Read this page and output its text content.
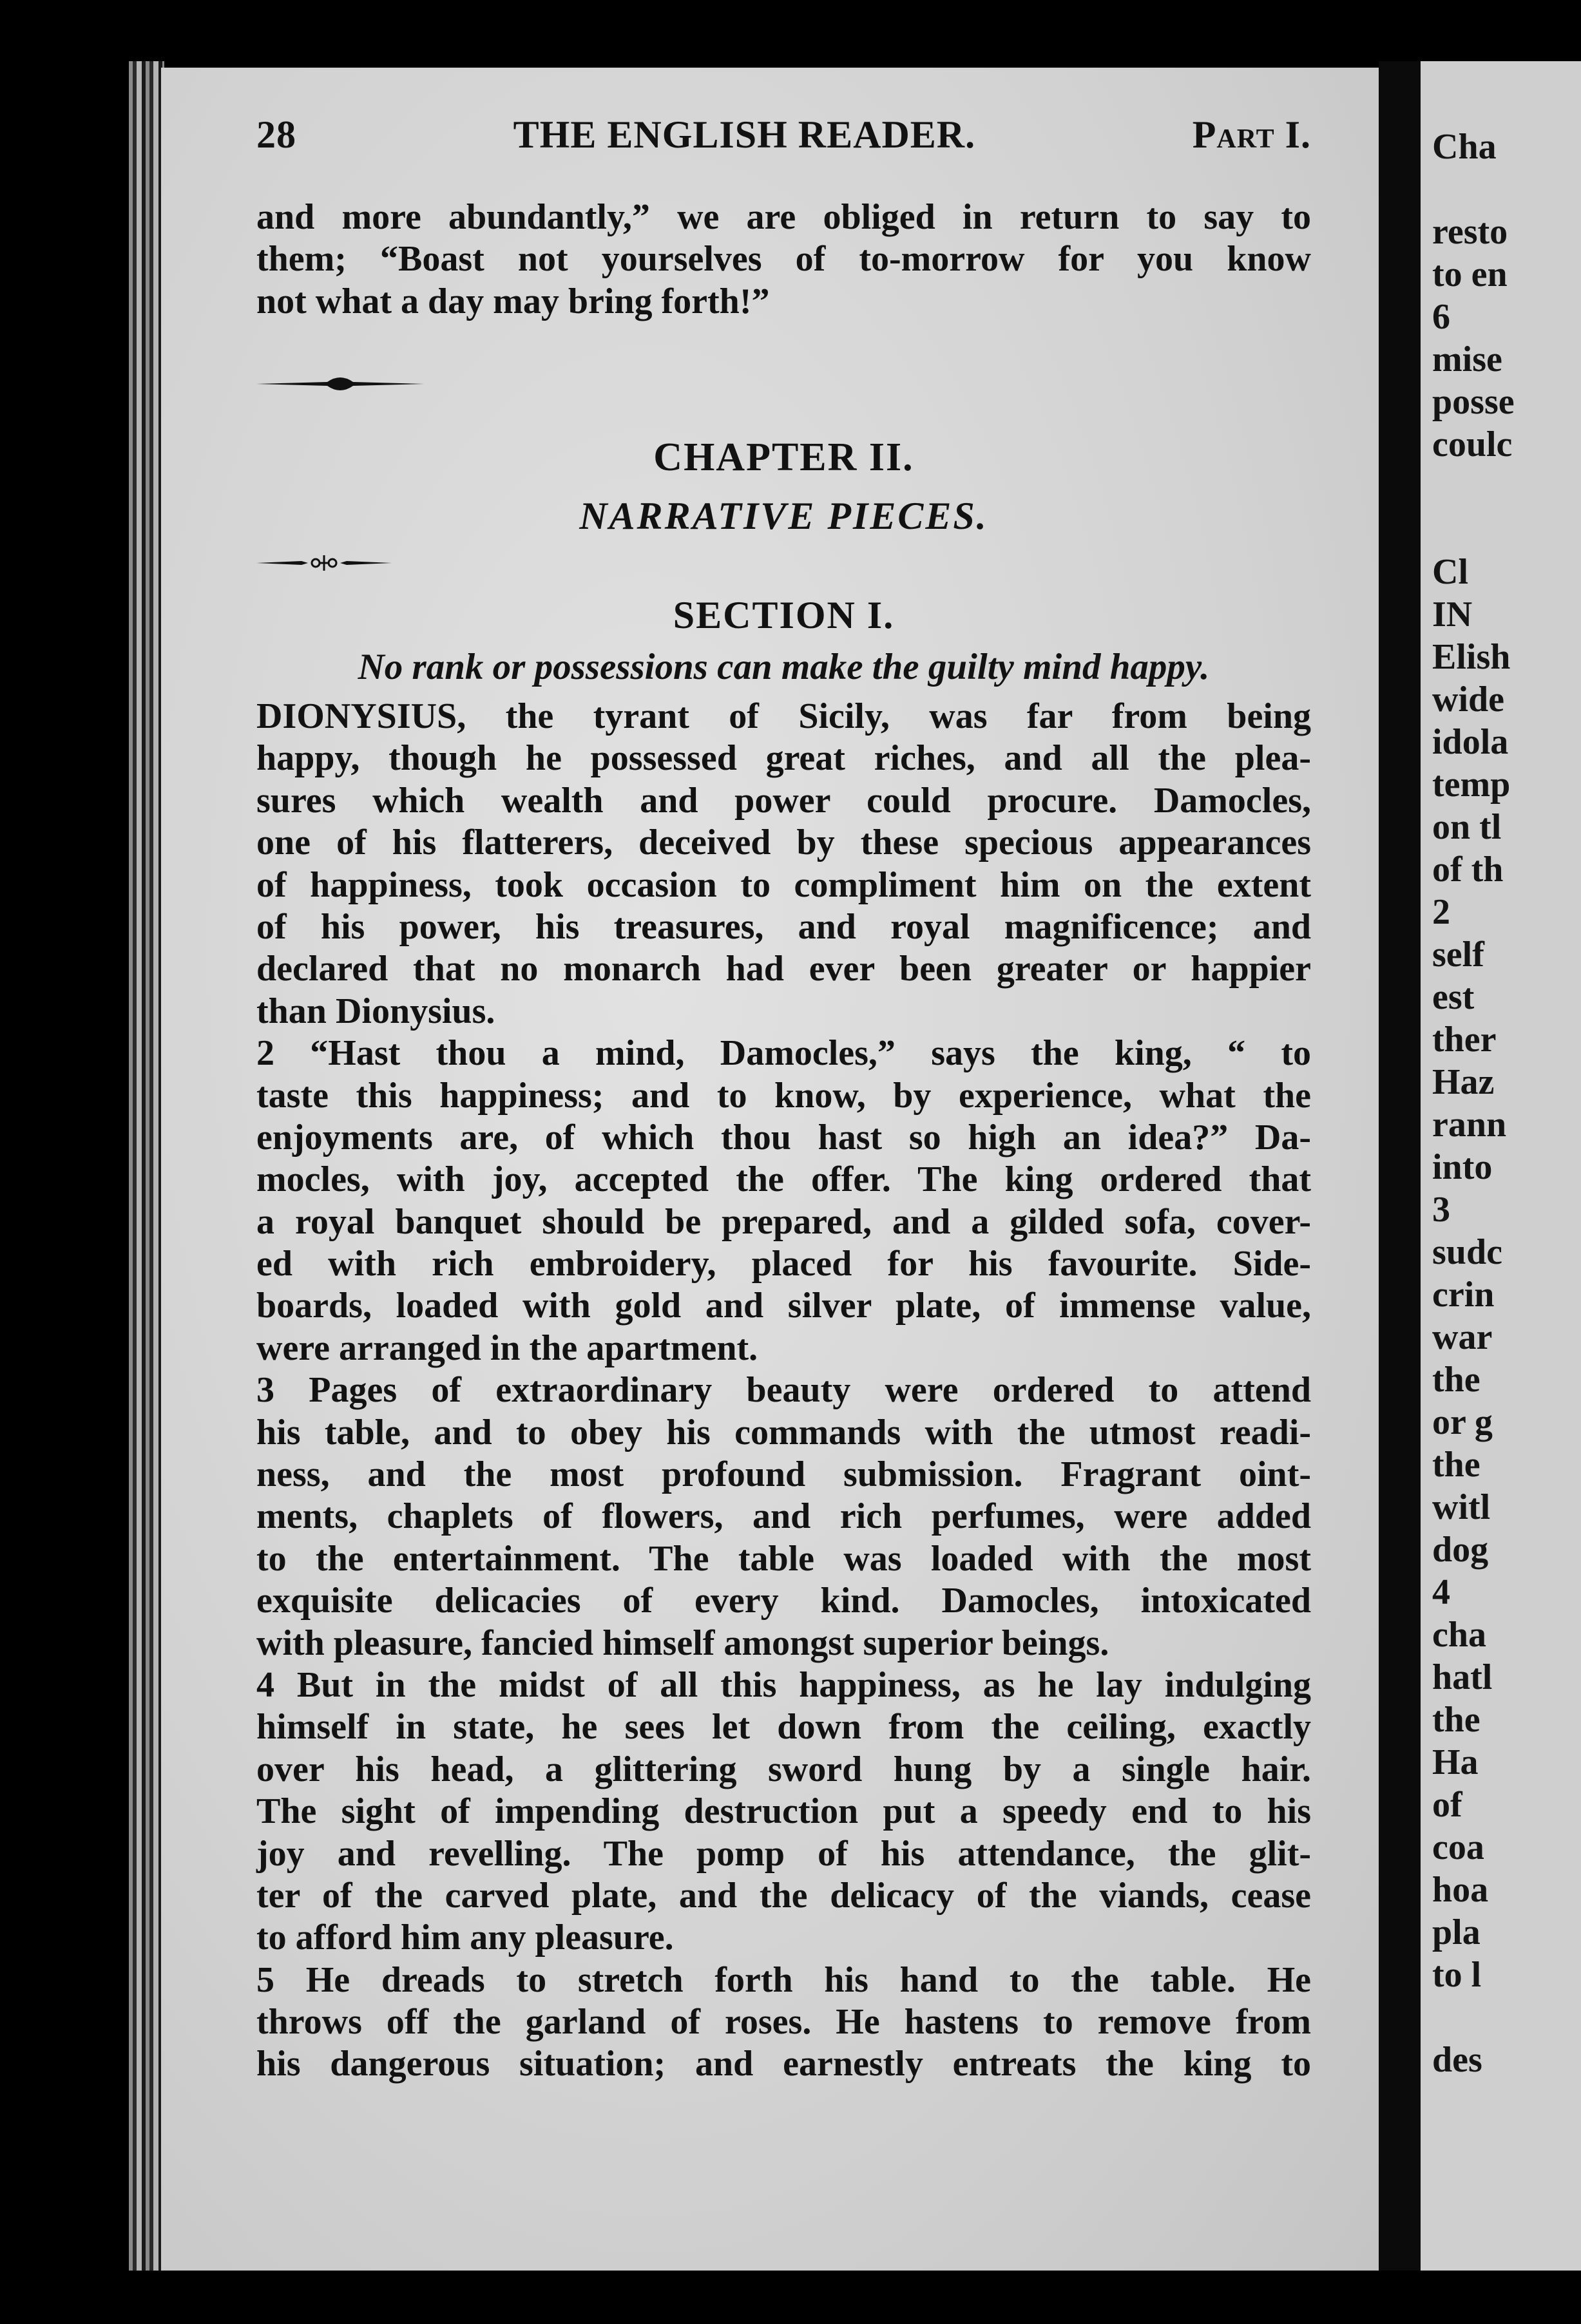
28	THE ENGLISH READER.	Part I.
and more abundantly,” we are obliged in return to say to
them; “Boast not yourselves of to-morrow for you know
not what a day may bring forth!”
CHAPTER II.
NARRATIVE PIECES.
SECTION I.
No rank or possessions can make the guilty mind happy.
DIONYSIUS, the tyrant of Sicily, was far from being
happy, though he possessed great riches, and all the plea-
sures which wealth and power could procure. Damocles,
one of his flatterers, deceived by these specious appearances
of happiness, took occasion to compliment him on the extent
of his power, his treasures, and royal magnificence; and
declared that no monarch had ever been greater or happier
than Dionysius.
2 “Hast thou a mind, Damocles,” says the king, “ to
taste this happiness; and to know, by experience, what the
enjoyments are, of which thou hast so high an idea?” Da-
mocles, with joy, accepted the offer. The king ordered that
a royal banquet should be prepared, and a gilded sofa, cover-
ed with rich embroidery, placed for his favourite. Side-
boards, loaded with gold and silver plate, of immense value,
were arranged in the apartment.
3 Pages of extraordinary beauty were ordered to attend
his table, and to obey his commands with the utmost readi-
ness, and the most profound submission. Fragrant oint-
ments, chaplets of flowers, and rich perfumes, were added
to the entertainment. The table was loaded with the most
exquisite delicacies of every kind. Damocles, intoxicated
with pleasure, fancied himself amongst superior beings.
4 But in the midst of all this happiness, as he lay indulging
himself in state, he sees let down from the ceiling, exactly
over his head, a glittering sword hung by a single hair.
The sight of impending destruction put a speedy end to his
joy and revelling. The pomp of his attendance, the glit-
ter of the carved plate, and the delicacy of the viands, cease
to afford him any pleasure.
5 He dreads to stretch forth his hand to the table. He
throws off the garland of roses. He hastens to remove from
his dangerous situation; and earnestly entreats the king to
Cha
resto
to en
6
mise
posse
coulc
Cl
IN
Elish
wide
idola
temp
on tl
of th
2
self
est
ther
Haz
rann
into
3
sudc
crin
war
the
or g
the
witl
dog
4
cha
hatl
the
Ha
of
coa
hoa
pla
to l
des
